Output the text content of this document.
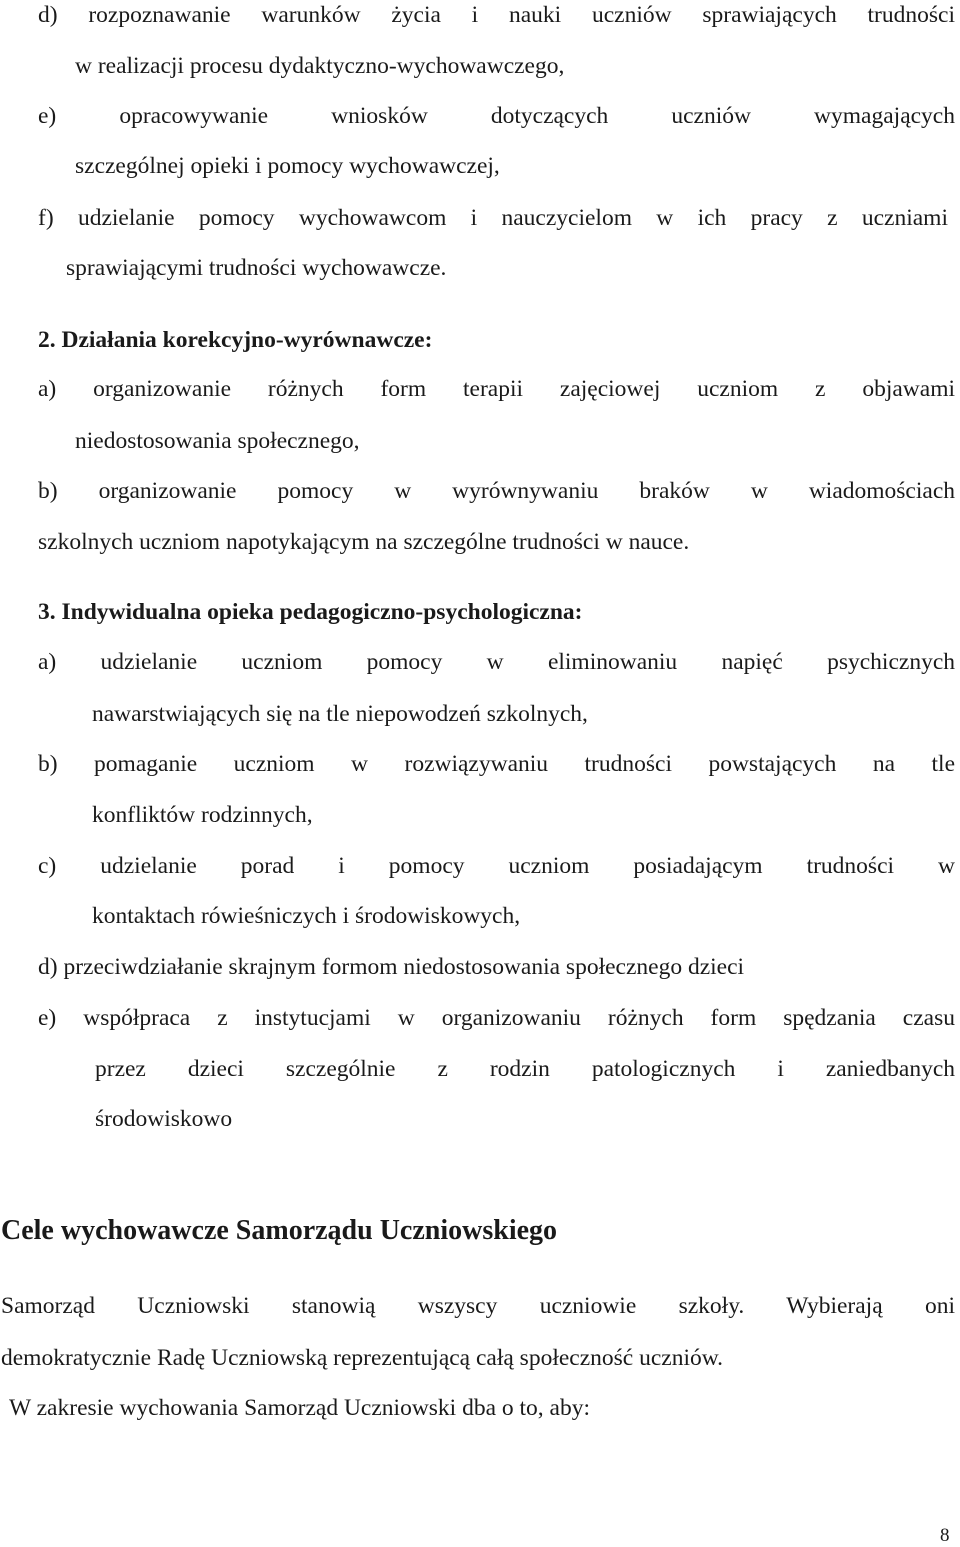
d) rozpoznawanie warunków życia i nauki uczniów sprawiających trudności

w realizacji procesu dydaktyczno-wychowawczego,

e) opracowywanie wniosków dotyczących uczniów wymagających

szczególnej opieki i pomocy wychowawczej,

f) udzielanie pomocy wychowawcom i nauczycielom w ich pracy z uczniami

sprawiającymi trudności wychowawcze.

2. Działania korekcyjno-wyrównawcze:

a) organizowanie różnych form terapii zajęciowej uczniom z objawami

niedostosowania społecznego,

b) organizowanie pomocy w wyrównywaniu braków w wiadomościach

szkolnych uczniom napotykającym na szczególne trudności w nauce.

3. Indywidualna opieka pedagogiczno-psychologiczna:

a) udzielanie uczniom pomocy w eliminowaniu napięć psychicznych

nawarstwiających się na tle niepowodzeń szkolnych,

b) pomaganie uczniom w rozwiązywaniu trudności powstających na tle

konfliktów rodzinnych,

c) udzielanie porad i pomocy uczniom posiadającym trudności w

kontaktach rówieśniczych i środowiskowych,

d) przeciwdziałanie skrajnym formom niedostosowania społecznego dzieci

e) współpraca z instytucjami w organizowaniu różnych form spędzania czasu

przez dzieci szczególnie z rodzin patologicznych i zaniedbanych

środowiskowo

Cele wychowawcze Samorządu Uczniowskiego

Samorząd Uczniowski stanowią wszyscy uczniowie szkoły. Wybierają oni

demokratycznie Radę Uczniowską reprezentującą całą społeczność uczniów.

W zakresie wychowania Samorząd Uczniowski dba o to, aby:

8
